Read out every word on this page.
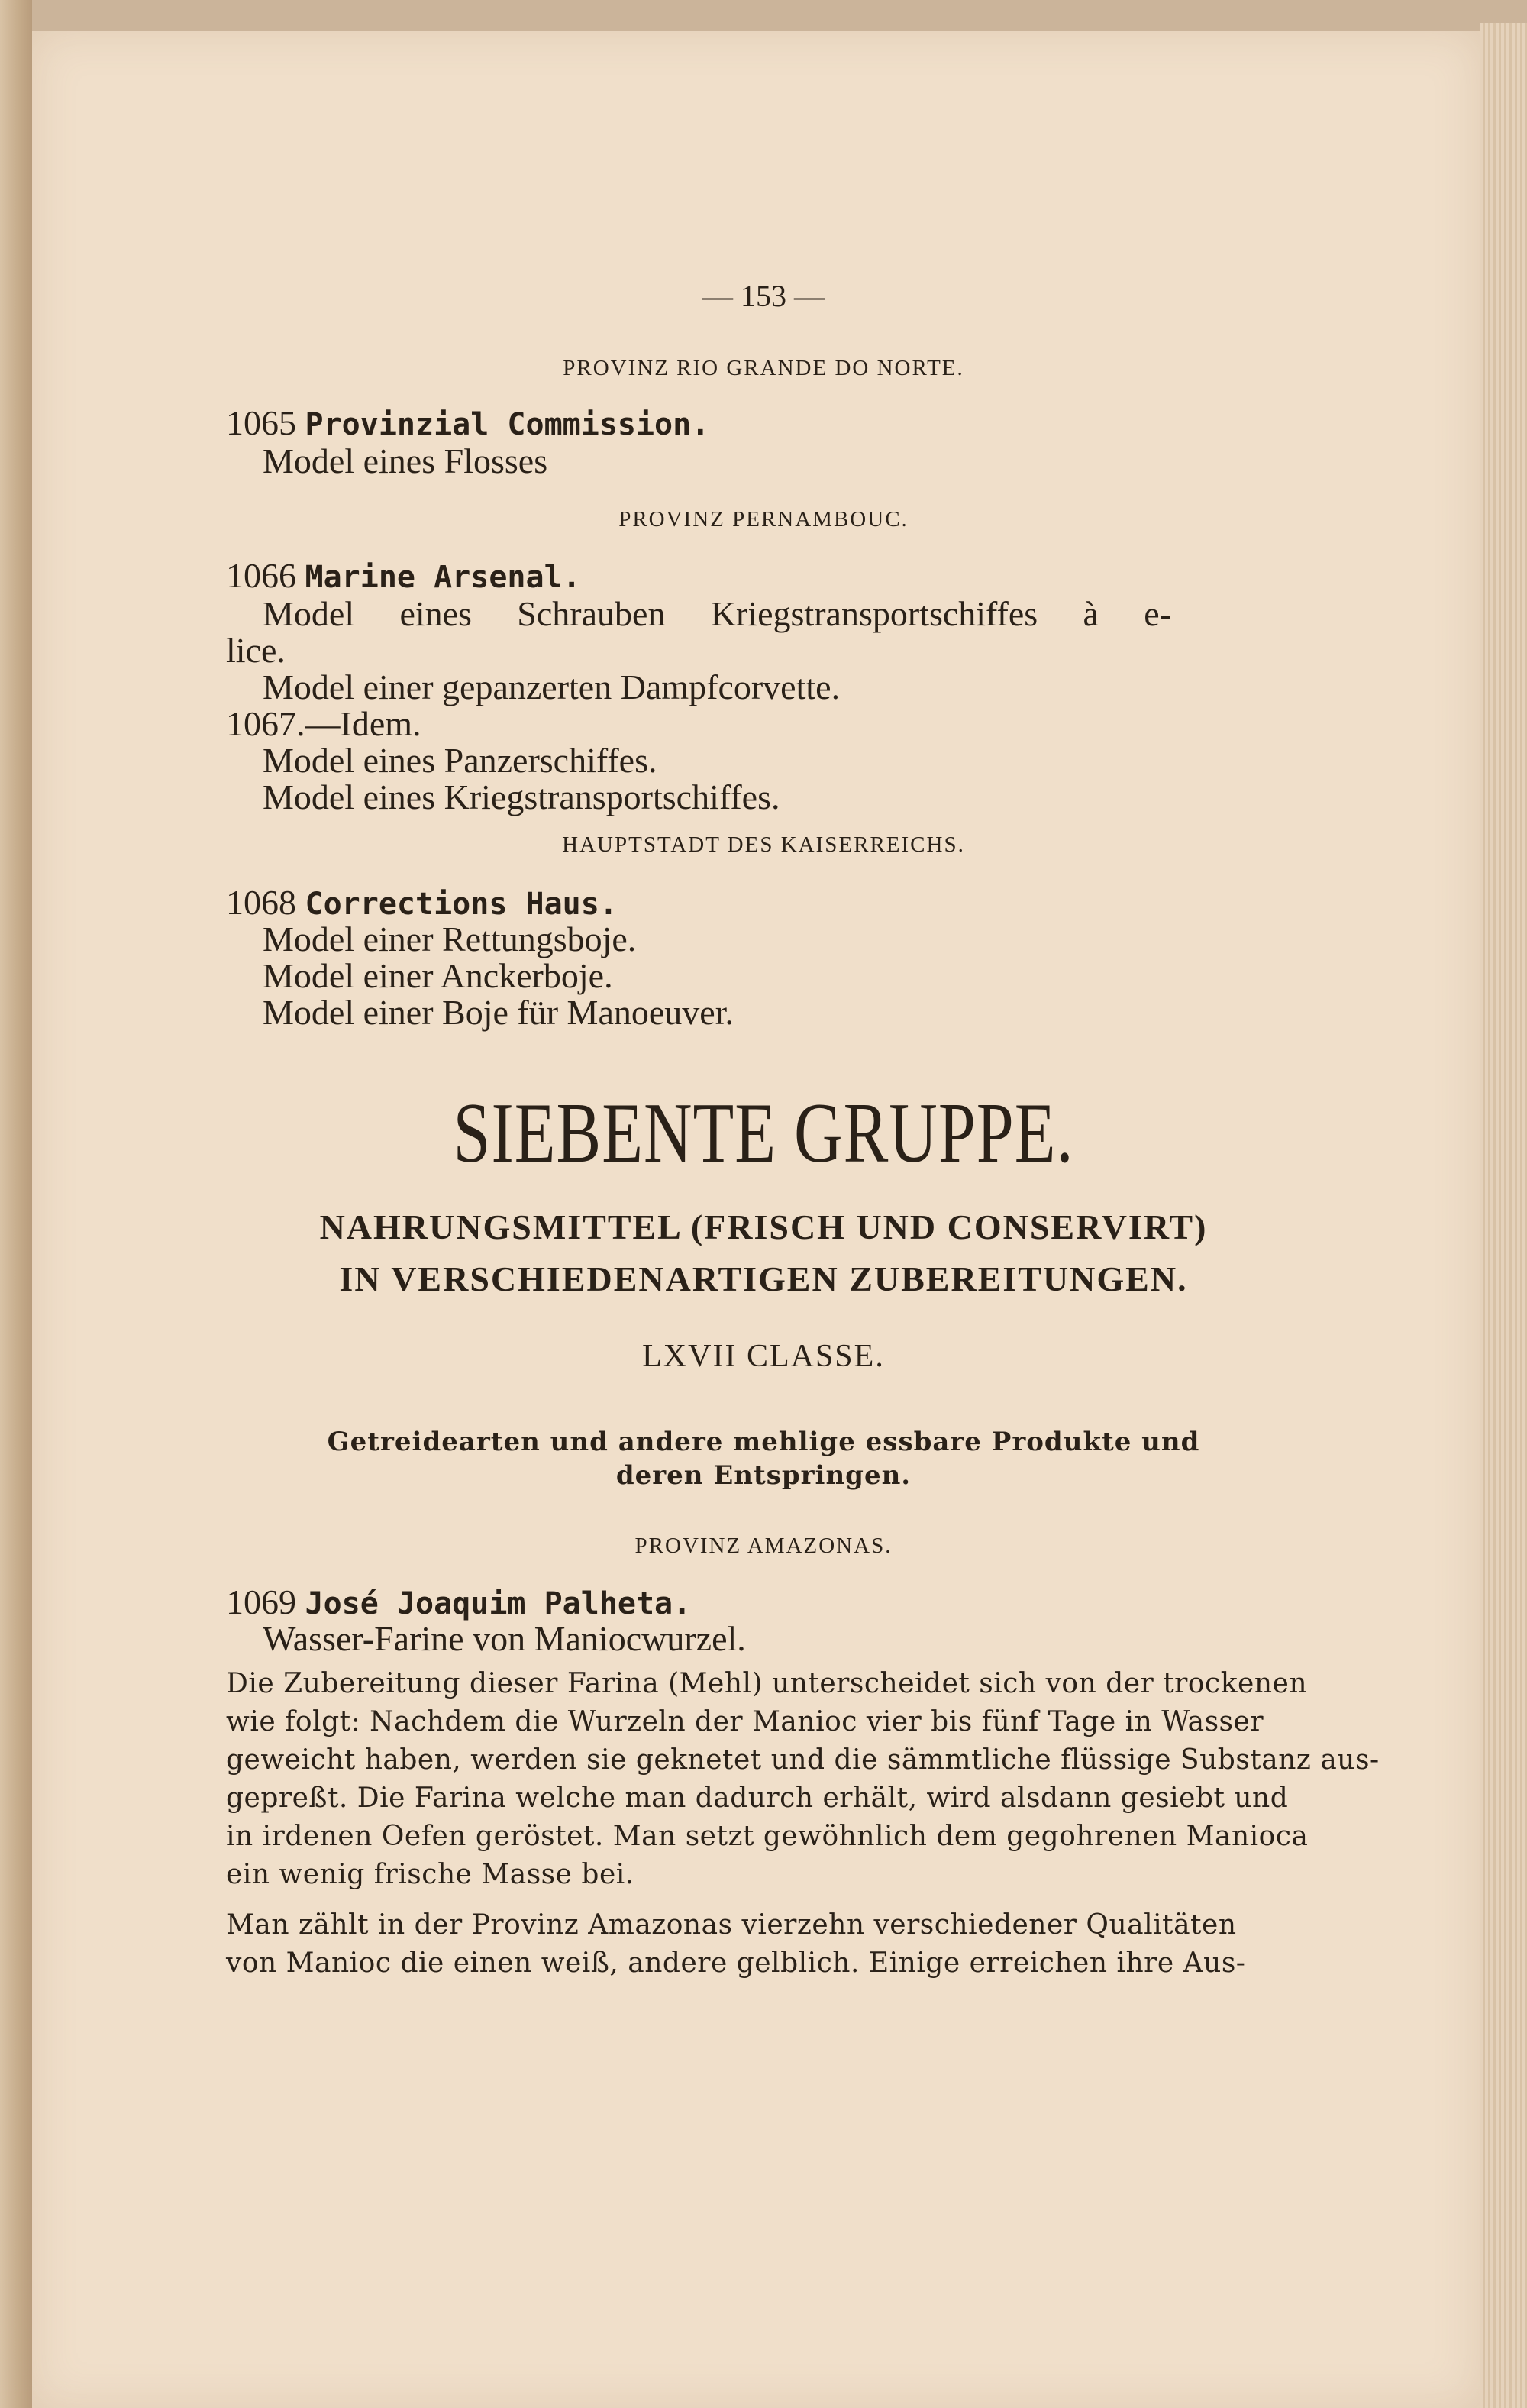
— 153 —
PROVINZ RIO GRANDE DO NORTE.
1065 Provinzial Commission.
Model eines Flosses
PROVINZ PERNAMBOUC.
1066 Marine Arsenal.
Model eines Schrauben Kriegstransportschiffes à e-
lice.
Model einer gepanzerten Dampfcorvette.
1067.—Idem.
Model eines Panzerschiffes.
Model eines Kriegstransportschiffes.
HAUPTSTADT DES KAISERREICHS.
1068 Corrections Haus.
Model einer Rettungsboje.
Model einer Anckerboje.
Model einer Boje für Manoeuver.
SIEBENTE GRUPPE.
NAHRUNGSMITTEL (FRISCH UND CONSERVIRT)
IN VERSCHIEDENARTIGEN ZUBEREITUNGEN.
LXVII CLASSE.
Getreidearten und andere mehlige essbare Produkte und
deren Entspringen.
PROVINZ AMAZONAS.
1069 José Joaquim Palheta.
Wasser-Farine von Maniocwurzel.
Die Zubereitung dieser Farina (Mehl) unterscheidet sich von der trockenen
wie folgt: Nachdem die Wurzeln der Manioc vier bis fünf Tage in Wasser
geweicht haben, werden sie geknetet und die sämmtliche flüssige Substanz aus-
gepreßt. Die Farina welche man dadurch erhält, wird alsdann gesiebt und
in irdenen Oefen geröstet. Man setzt gewöhnlich dem gegohrenen Manioca
ein wenig frische Masse bei.
Man zählt in der Provinz Amazonas vierzehn verschiedener Qualitäten
von Manioc die einen weiß, andere gelblich. Einige erreichen ihre Aus-
